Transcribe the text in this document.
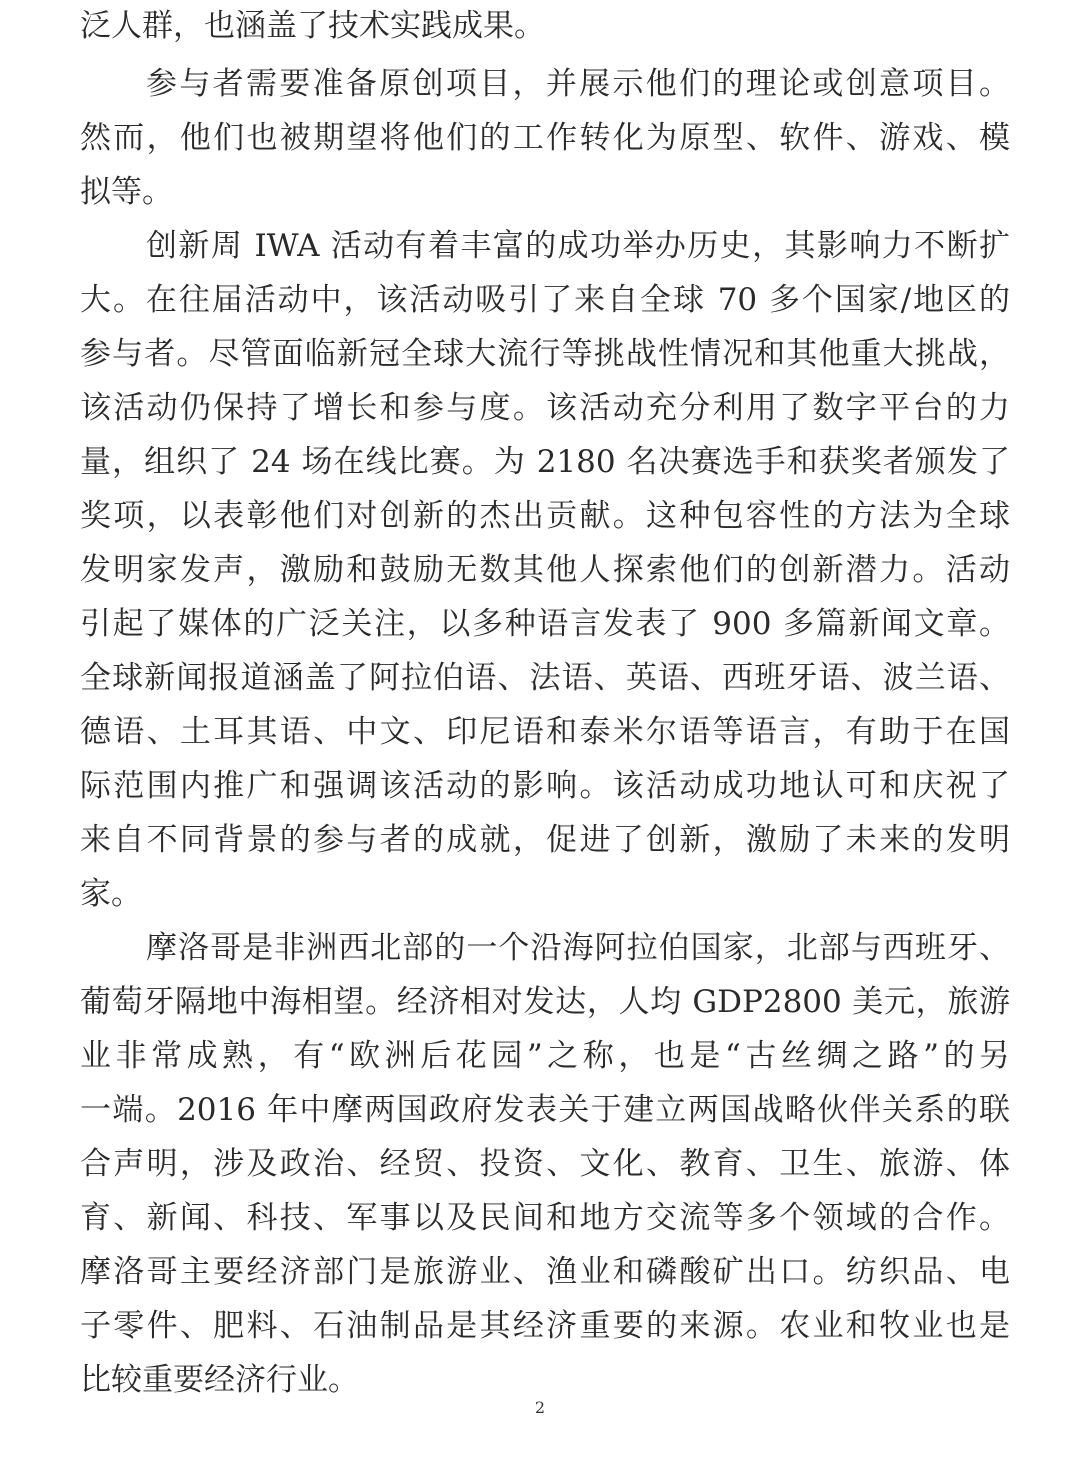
泛人群，也涵盖了技术实践成果。
参与者需要准备原创项目，并展示他们的理论或创意项目。
然而，他们也被期望将他们的工作转化为原型、软件、游戏、模
拟等。
创新周 IWA 活动有着丰富的成功举办历史，其影响力不断扩
大。在往届活动中，该活动吸引了来自全球 70 多个国家/地区的
参与者。尽管面临新冠全球大流行等挑战性情况和其他重大挑战，
该活动仍保持了增长和参与度。该活动充分利用了数字平台的力
量，组织了 24 场在线比赛。为 2180 名决赛选手和获奖者颁发了
奖项，以表彰他们对创新的杰出贡献。这种包容性的方法为全球
发明家发声，激励和鼓励无数其他人探索他们的创新潜力。活动
引起了媒体的广泛关注，以多种语言发表了 900 多篇新闻文章。
全球新闻报道涵盖了阿拉伯语、法语、英语、西班牙语、波兰语、
德语、土耳其语、中文、印尼语和泰米尔语等语言，有助于在国
际范围内推广和强调该活动的影响。该活动成功地认可和庆祝了
来自不同背景的参与者的成就，促进了创新，激励了未来的发明
家。
摩洛哥是非洲西北部的一个沿海阿拉伯国家，北部与西班牙、
葡萄牙隔地中海相望。经济相对发达，人均 GDP2800 美元，旅游
业非常成熟，有“欧洲后花园”之称，也是“古丝绸之路”的另
一端。2016 年中摩两国政府发表关于建立两国战略伙伴关系的联
合声明，涉及政治、经贸、投资、文化、教育、卫生、旅游、体
育、新闻、科技、军事以及民间和地方交流等多个领域的合作。
摩洛哥主要经济部门是旅游业、渔业和磷酸矿出口。纺织品、电
子零件、肥料、石油制品是其经济重要的来源。农业和牧业也是
比较重要经济行业。
2
